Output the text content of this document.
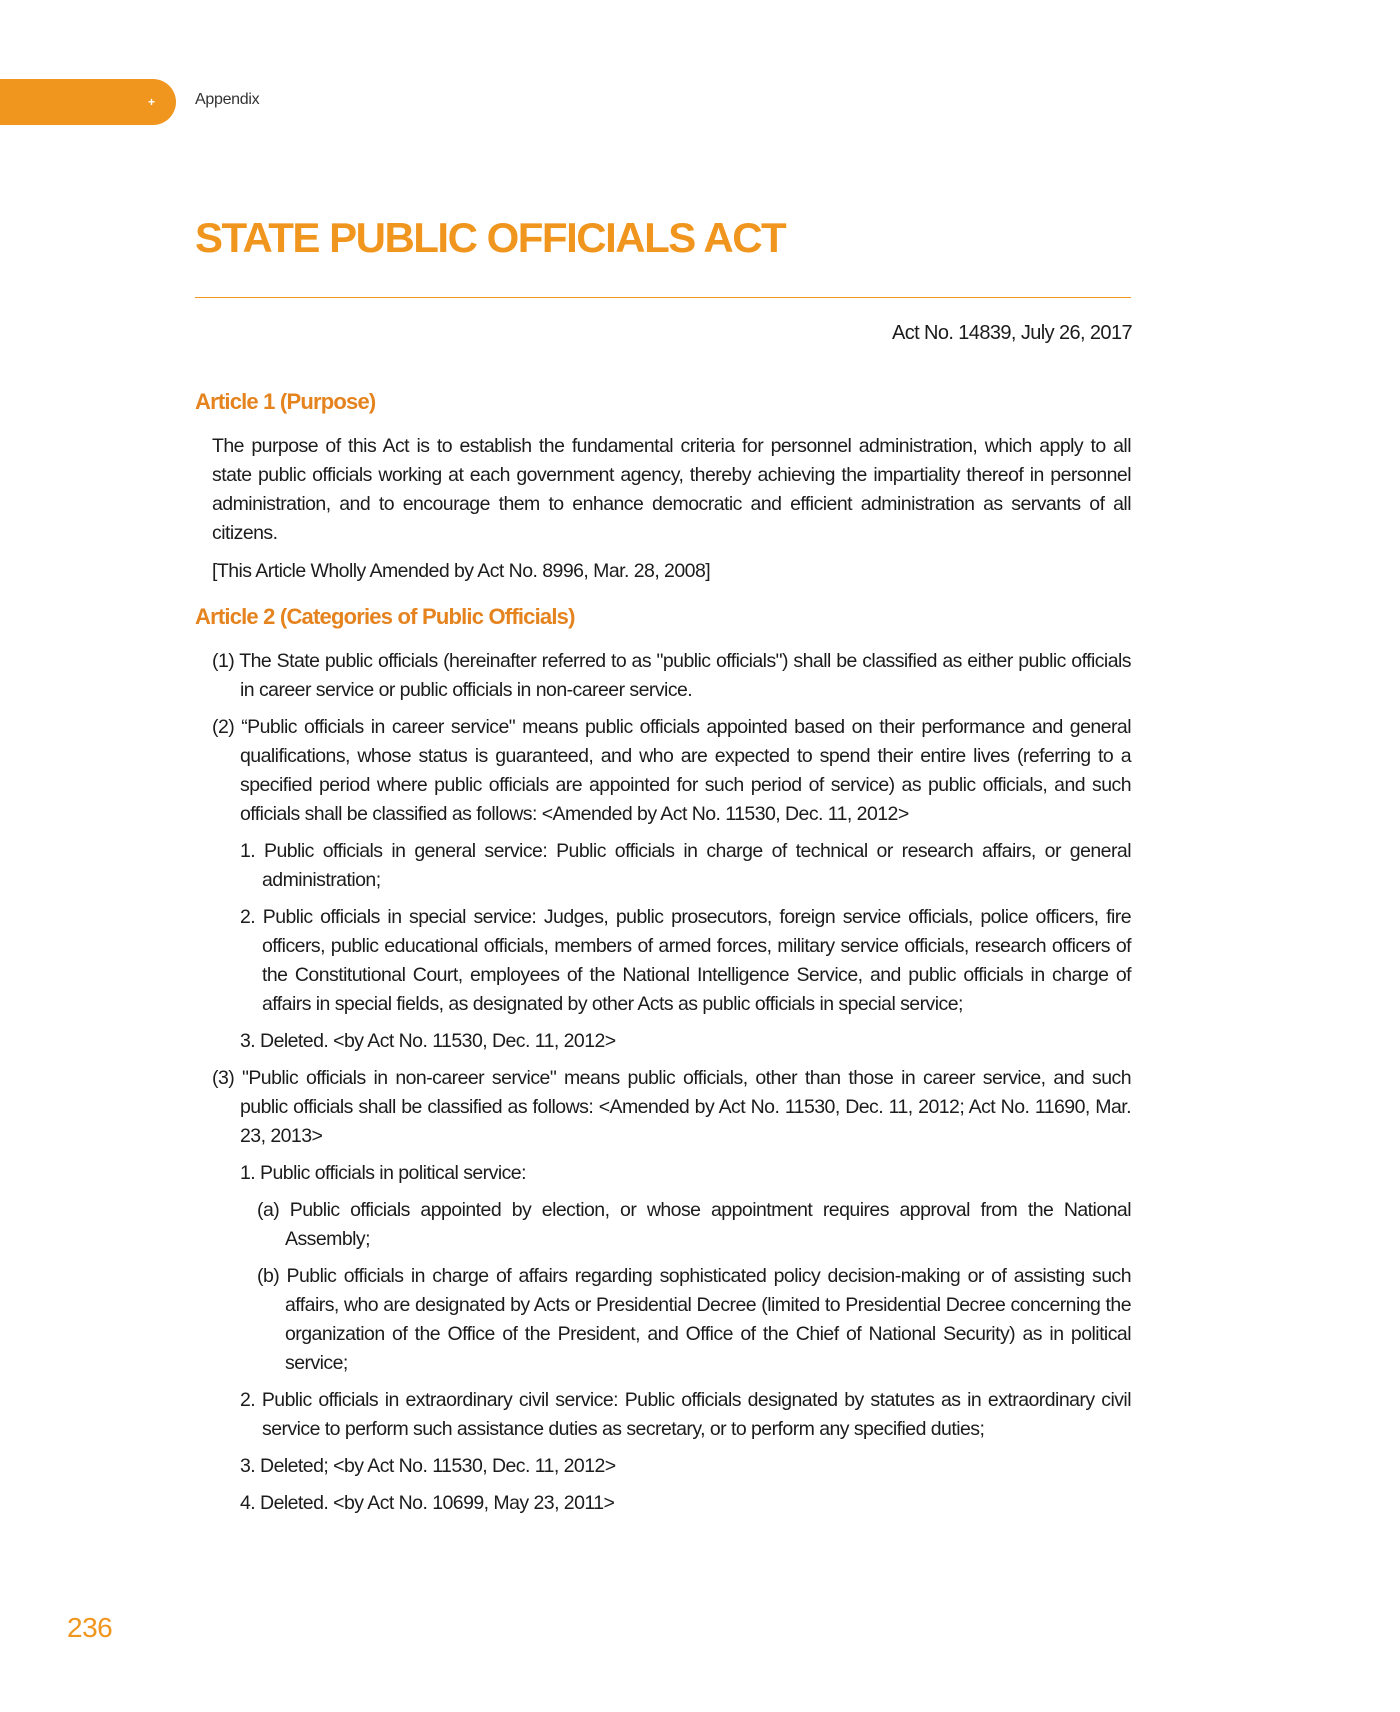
+ Appendix
STATE PUBLIC OFFICIALS ACT
Act No. 14839, July 26, 2017
Article 1 (Purpose)

The purpose of this Act is to establish the fundamental criteria for personnel administration, which apply to all state public officials working at each government agency, thereby achieving the impartiality thereof in personnel administration, and to encourage them to enhance democratic and efficient administration as servants of all citizens.

[This Article Wholly Amended by Act No. 8996, Mar. 28, 2008]

Article 2 (Categories of Public Officials)

(1) The State public officials (hereinafter referred to as "public officials") shall be classified as either public officials in career service or public officials in non-career service.

(2) “Public officials in career service" means public officials appointed based on their performance and general qualifications, whose status is guaranteed, and who are expected to spend their entire lives (referring to a specified period where public officials are appointed for such period of service) as public officials, and such officials shall be classified as follows: <Amended by Act No. 11530, Dec. 11, 2012>

1. Public officials in general service: Public officials in charge of technical or research affairs, or general administration;

2. Public officials in special service: Judges, public prosecutors, foreign service officials, police officers, fire officers, public educational officials, members of armed forces, military service officials, research officers of the Constitutional Court, employees of the National Intelligence Service, and public officials in charge of affairs in special fields, as designated by other Acts as public officials in special service;

3. Deleted. <by Act No. 11530, Dec. 11, 2012>

(3) "Public officials in non-career service" means public officials, other than those in career service, and such public officials shall be classified as follows: <Amended by Act No. 11530, Dec. 11, 2012; Act No. 11690, Mar. 23, 2013>

1. Public officials in political service:

(a) Public officials appointed by election, or whose appointment requires approval from the National Assembly;

(b) Public officials in charge of affairs regarding sophisticated policy decision-making or of assisting such affairs, who are designated by Acts or Presidential Decree (limited to Presidential Decree concerning the organization of the Office of the President, and Office of the Chief of National Security) as in political service;

2. Public officials in extraordinary civil service: Public officials designated by statutes as in extraordinary civil service to perform such assistance duties as secretary, or to perform any specified duties;

3. Deleted; <by Act No. 11530, Dec. 11, 2012>

4. Deleted. <by Act No. 10699, May 23, 2011>

236
